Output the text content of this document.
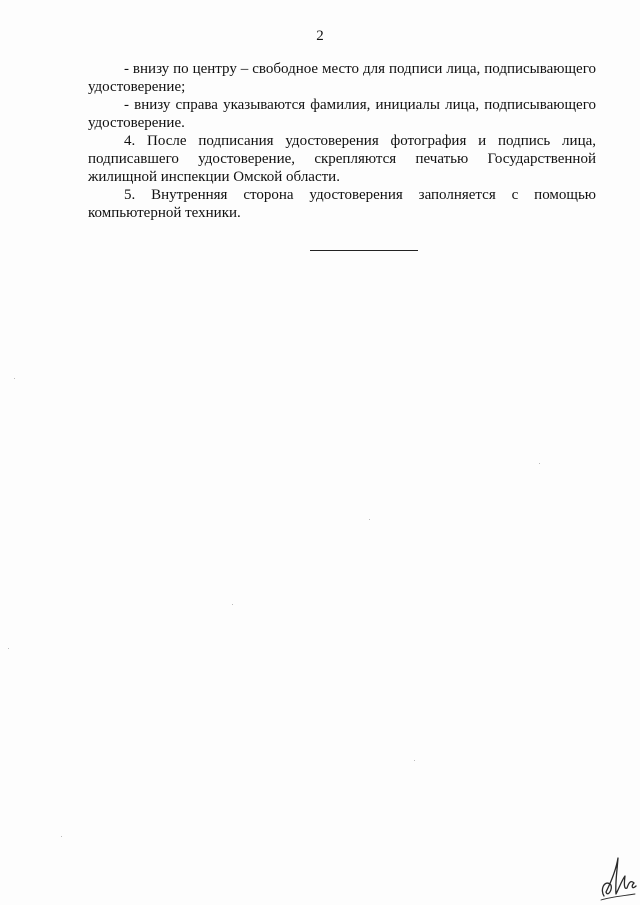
2

- внизу по центру – свободное место для подписи лица, подписывающего удостоверение;

- внизу справа указываются фамилия, инициалы лица, подписывающего удостоверение.

4. После подписания удостоверения фотография и подпись лица, подписавшего удостоверение, скрепляются печатью Государственной жилищной инспекции Омской области.

5. Внутренняя сторона удостоверения заполняется с помощью компьютерной техники.
